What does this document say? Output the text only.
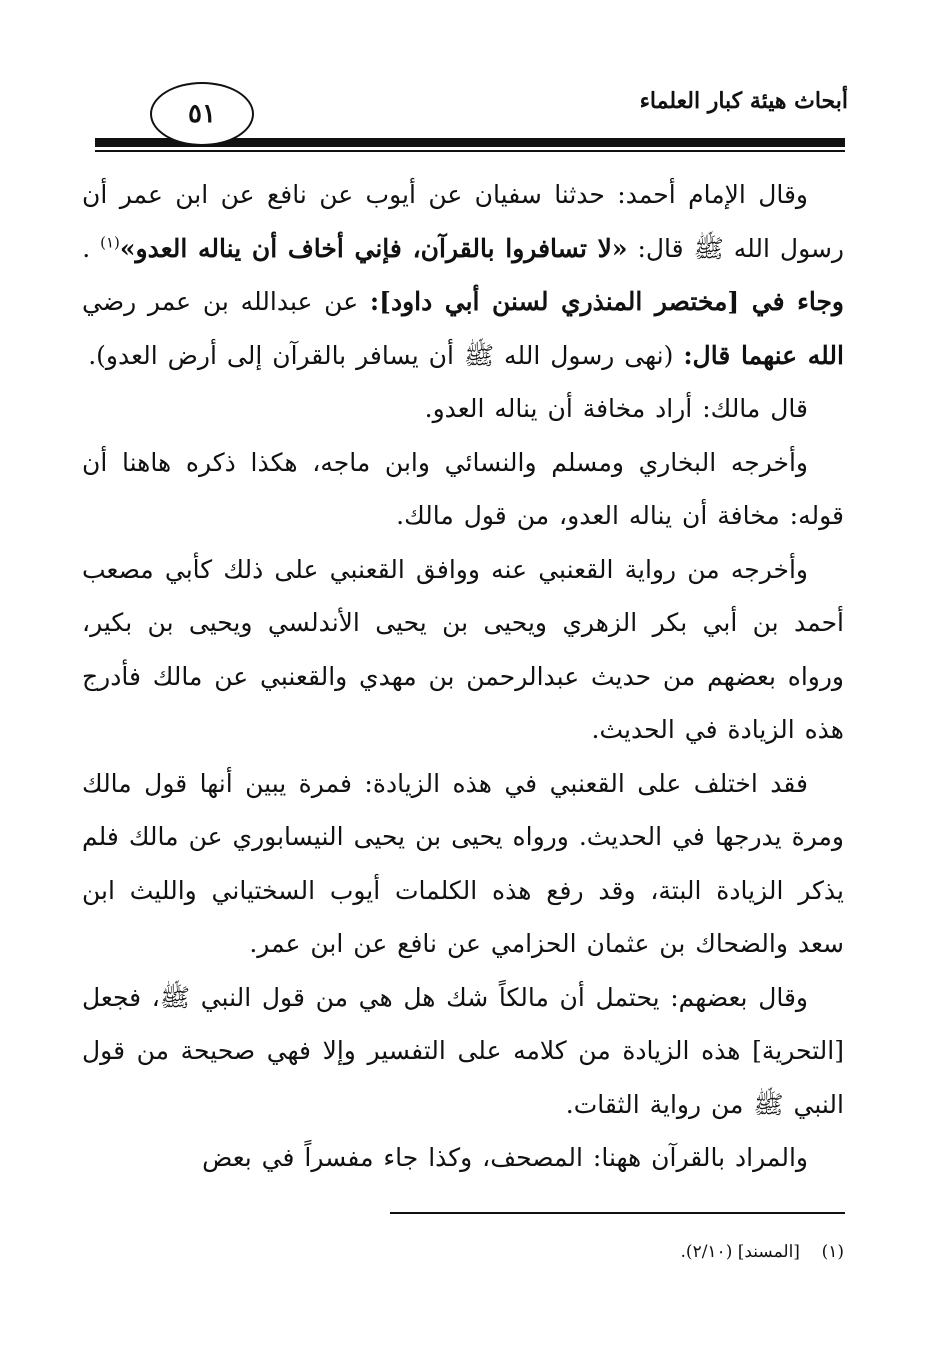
٥١	أبحاث هيئة كبار العلماء

وقال الإمام أحمد: حدثنا سفيان عن أيوب عن نافع عن ابن عمر أن رسول الله ﷺ قال: «لا تسافروا بالقرآن، فإني أخاف أن يناله العدو»$^{(١)}$ .

وجاء في [مختصر المنذري لسنن أبي داود]: عن عبدالله بن عمر رضي الله عنهما قال: (نهى رسول الله ﷺ أن يسافر بالقرآن إلى أرض العدو).

قال مالك: أراد مخافة أن يناله العدو.

وأخرجه البخاري ومسلم والنسائي وابن ماجه، هكذا ذكره هاهنا أن قوله: مخافة أن يناله العدو، من قول مالك.

وأخرجه من رواية القعنبي عنه ووافق القعنبي على ذلك كأبي مصعب أحمد بن أبي بكر الزهري ويحيى بن يحيى الأندلسي ويحيى بن بكير، ورواه بعضهم من حديث عبدالرحمن بن مهدي والقعنبي عن مالك فأدرج هذه الزيادة في الحديث.

فقد اختلف على القعنبي في هذه الزيادة: فمرة يبين أنها قول مالك ومرة يدرجها في الحديث. ورواه يحيى بن يحيى النيسابوري عن مالك فلم يذكر الزيادة البتة، وقد رفع هذه الكلمات أيوب السختياني والليث ابن سعد والضحاك بن عثمان الحزامي عن نافع عن ابن عمر.

وقال بعضهم: يحتمل أن مالكاً شك هل هي من قول النبي ﷺ، فجعل [التحرية] هذه الزيادة من كلامه على التفسير وإلا فهي صحيحة من قول النبي ﷺ من رواية الثقات.

والمراد بالقرآن ههنا: المصحف، وكذا جاء مفسراً في بعض

(١)    [المسند] (٢/١٠).
